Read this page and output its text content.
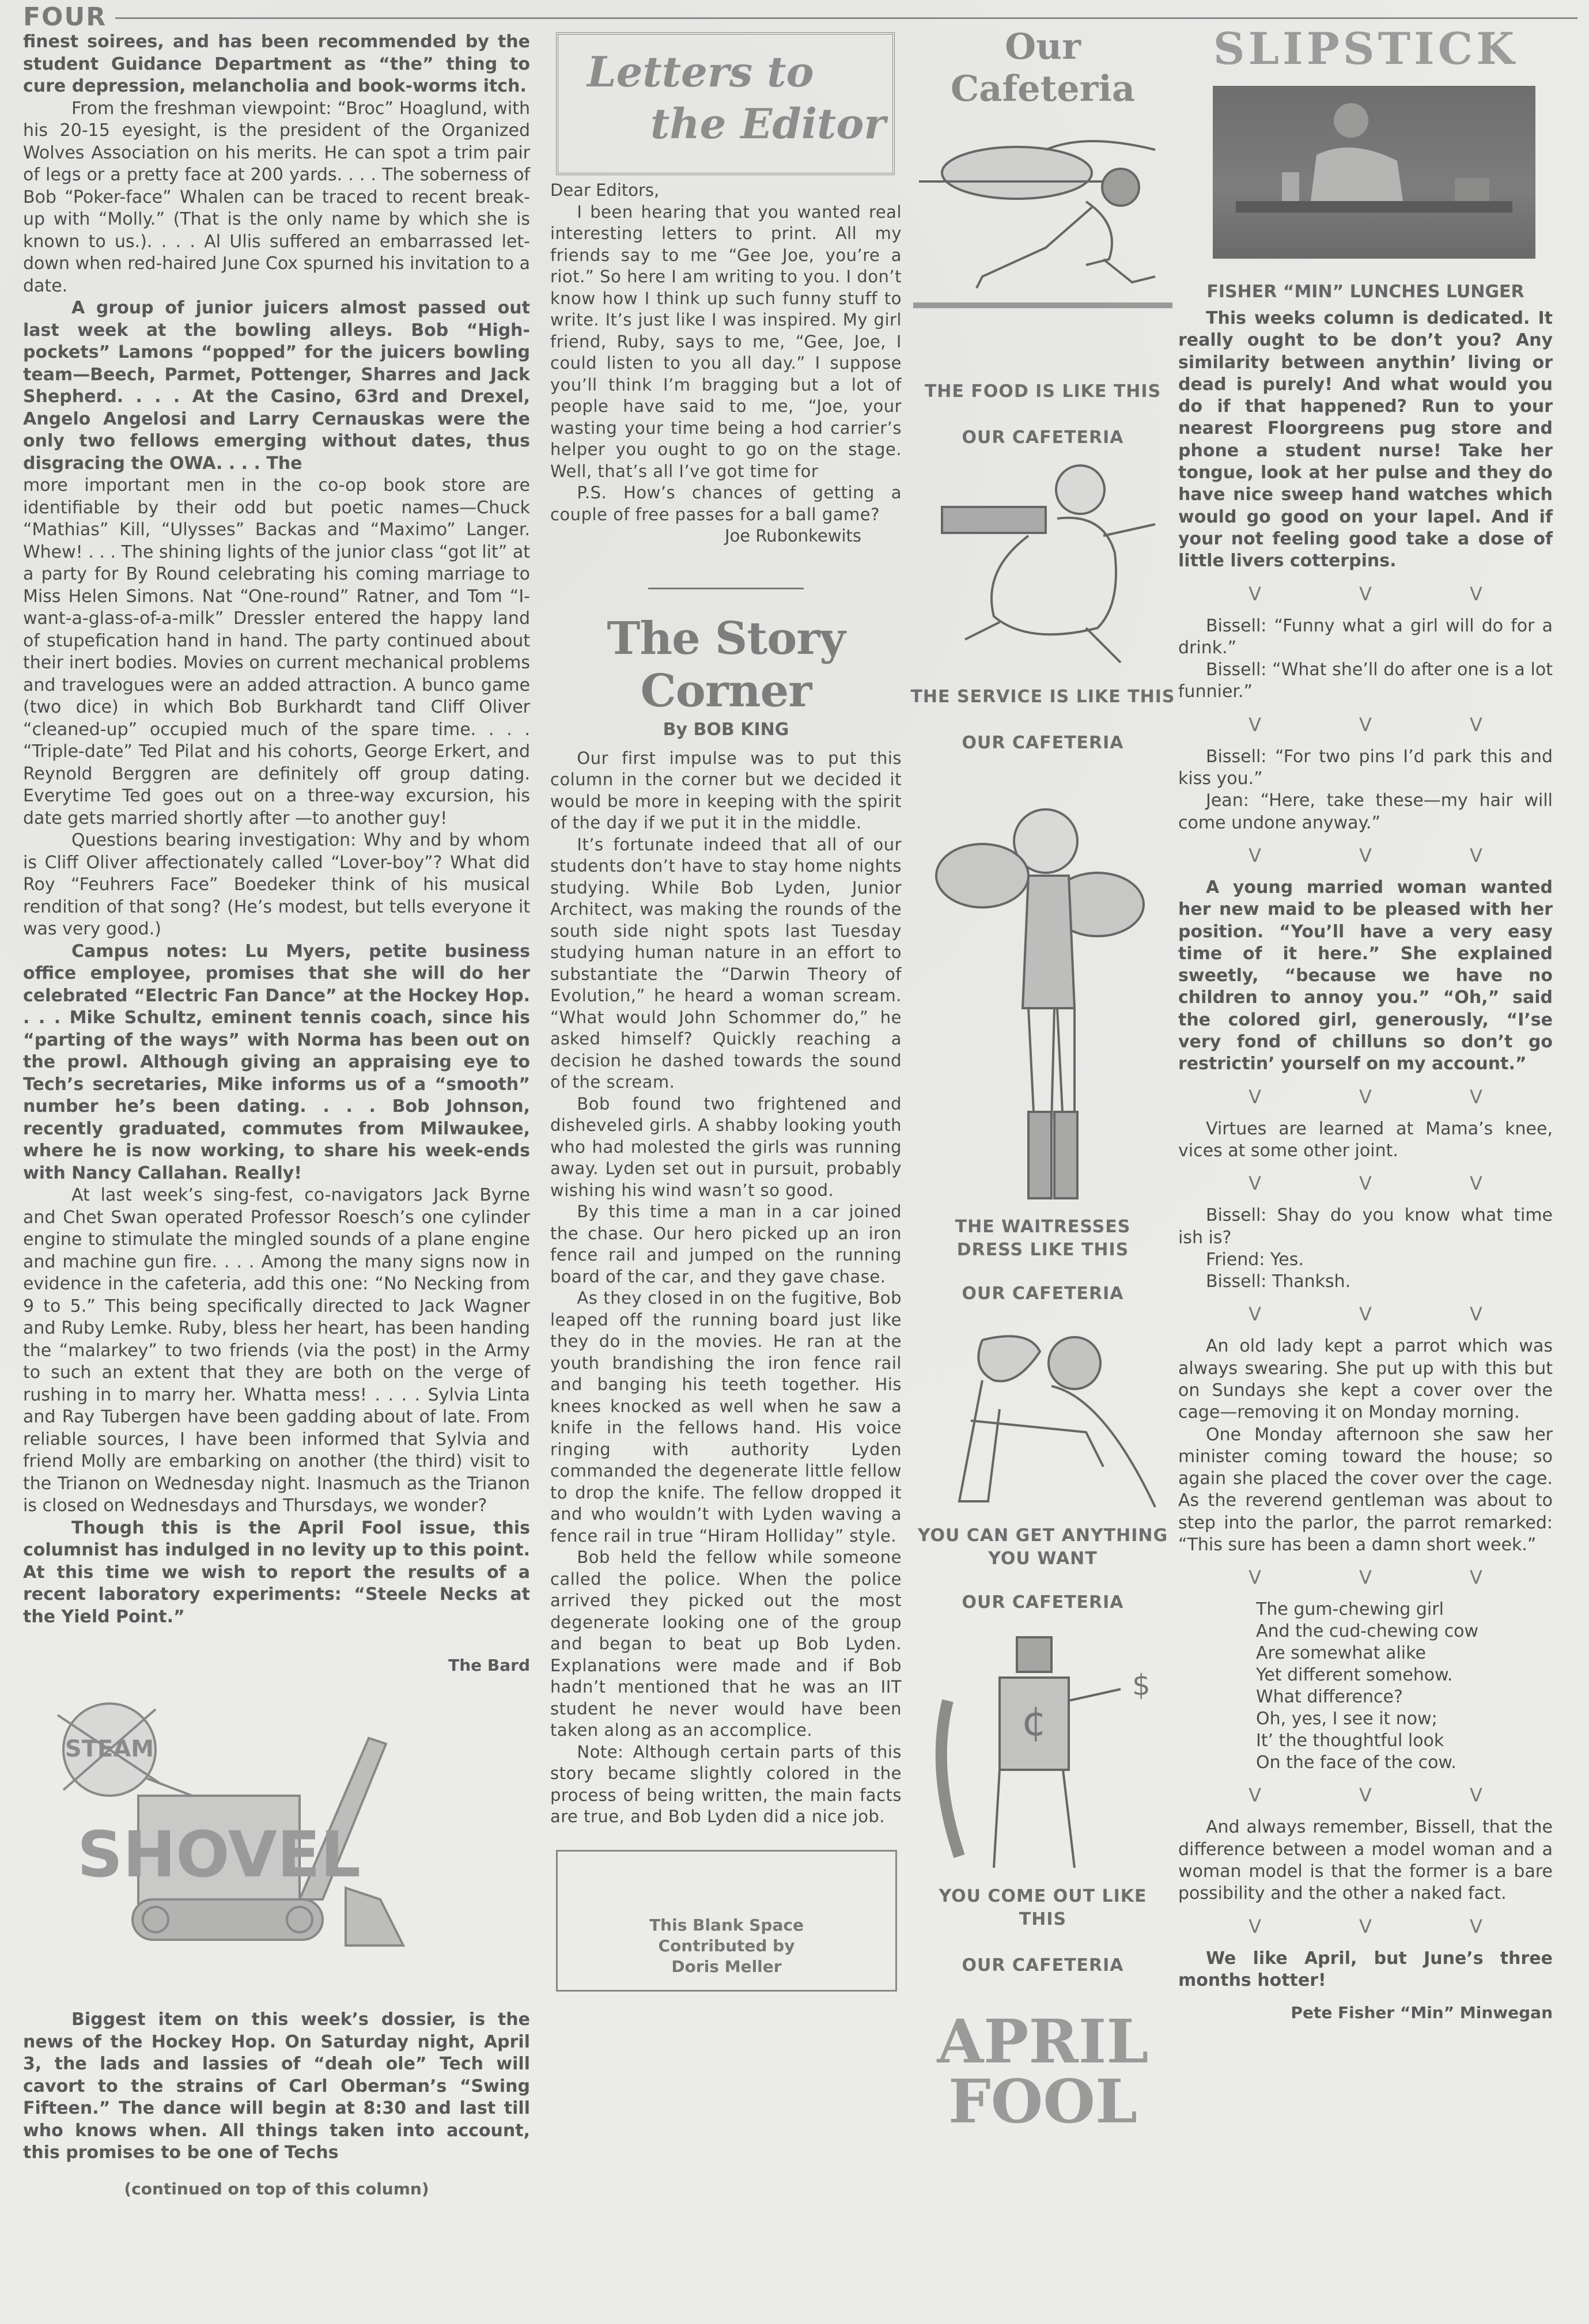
FOUR

finest soirees, and has been recommended by the student Guidance Department as “the” thing to cure depression, melancholia and book-worms itch.

From the freshman viewpoint: “Broc” Hoaglund, with his 20-15 eyesight, is the president of the Organized Wolves Association on his merits. He can spot a trim pair of legs or a pretty face at 200 yards. . . . The soberness of Bob “Poker-face” Whalen can be traced to recent break-up with “Molly.” (That is the only name by which she is known to us.). . . . Al Ulis suffered an embarrassed let-down when red-haired June Cox spurned his invitation to a date.

A group of junior juicers almost passed out last week at the bowling alleys. Bob “High-pockets” Lamons “popped” for the juicers bowling team—Beech, Parmet, Pottenger, Sharres and Jack Shepherd. . . . At the Casino, 63rd and Drexel, Angelo Angelosi and Larry Cernauskas were the only two fellows emerging without dates, thus disgracing the OWA. . . . The

more important men in the co-op book store are identifiable by their odd but poetic names—Chuck “Mathias” Kill, “Ulysses” Backas and “Maximo” Langer. Whew! . . . The shining lights of the junior class “got lit” at a party for By Round celebrating his coming marriage to Miss Helen Simons. Nat “One-round” Ratner, and Tom “I-want-a-glass-of-a-milk” Dressler entered the happy land of stupefication hand in hand. The party continued about their inert bodies. Movies on current mechanical problems and travelogues were an added attraction. A bunco game (two dice) in which Bob Burkhardt tand Cliff Oliver “cleaned-up” occupied much of the spare time. . . . “Triple-date” Ted Pilat and his cohorts, George Erkert, and Reynold Berggren are definitely off group dating. Everytime Ted goes out on a three-way excursion, his date gets married shortly after —to another guy!

Questions bearing investigation: Why and by whom is Cliff Oliver affectionately called “Lover-boy”? What did Roy “Feuhrers Face” Boedeker think of his musical rendition of that song? (He’s modest, but tells everyone it was very good.)

Campus notes: Lu Myers, petite business office employee, promises that she will do her celebrated “Electric Fan Dance” at the Hockey Hop. . . . Mike Schultz, eminent tennis coach, since his “parting of the ways” with Norma has been out on the prowl. Although giving an appraising eye to Tech’s secretaries, Mike informs us of a “smooth” number he’s been dating. . . . Bob Johnson, recently graduated, commutes from Milwaukee, where he is now working, to share his week-ends with Nancy Callahan. Really!

At last week’s sing-fest, co-navigators Jack Byrne and Chet Swan operated Professor Roesch’s one cylinder engine to stimulate the mingled sounds of a plane engine and machine gun fire. . . . Among the many signs now in evidence in the cafeteria, add this one: “No Necking from 9 to 5.” This being specifically directed to Jack Wagner and Ruby Lemke. Ruby, bless her heart, has been handing the “malarkey” to two friends (via the post) in the Army to such an extent that they are both on the verge of rushing in to marry her. Whatta mess! . . . . Sylvia Linta and Ray Tubergen have been gadding about of late. From reliable sources, I have been informed that Sylvia and friend Molly are embarking on another (the third) visit to the Trianon on Wednesday night. Inasmuch as the Trianon is closed on Wednesdays and Thursdays, we wonder?

Though this is the April Fool issue, this columnist has indulged in no levity up to this point. At this time we wish to report the results of a recent laboratory experiments: “Steele Necks at the Yield Point.”

The Bard
STEAM
SHOVEL

Biggest item on this week’s dossier, is the news of the Hockey Hop. On Saturday night, April 3, the lads and lassies of “deah ole” Tech will cavort to the strains of Carl Oberman’s “Swing Fifteen.” The dance will begin at 8:30 and last till who knows when. All things taken into account, this promises to be one of Techs

(continued on top of this column)
Letters to
the Editor

Dear Editors,

I been hearing that you wanted real interesting letters to print. All my friends say to me “Gee Joe, you’re a riot.” So here I am writing to you. I don’t know how I think up such funny stuff to write. It’s just like I was inspired. My girl friend, Ruby, says to me, “Gee, Joe, I could listen to you all day.” I suppose you’ll think I’m bragging but a lot of people have said to me, “Joe, your wasting your time being a hod carrier’s helper you ought to go on the stage. Well, that’s all I’ve got time for

P.S. How’s chances of getting a couple of free passes for a ball game?

Joe Rubonkewits

The Story Corner
By BOB KING

Our first impulse was to put this column in the corner but we decided it would be more in keeping with the spirit of the day if we put it in the middle.

It’s fortunate indeed that all of our students don’t have to stay home nights studying. While Bob Lyden, Junior Architect, was making the rounds of the south side night spots last Tuesday studying human nature in an effort to substantiate the “Darwin Theory of Evolution,” he heard a woman scream. “What would John Schommer do,” he asked himself? Quickly reaching a decision he dashed towards the sound of the scream.

Bob found two frightened and disheveled girls. A shabby looking youth who had molested the girls was running away. Lyden set out in pursuit, probably wishing his wind wasn’t so good.

By this time a man in a car joined the chase. Our hero picked up an iron fence rail and jumped on the running board of the car, and they gave chase.

As they closed in on the fugitive, Bob leaped off the running board just like they do in the movies. He ran at the youth brandishing the iron fence rail and banging his teeth together. His knees knocked as well when he saw a knife in the fellows hand. His voice ringing with authority Lyden commanded the degenerate little fellow to drop the knife. The fellow dropped it and who wouldn’t with Lyden waving a fence rail in true “Hiram Holliday” style.

Bob held the fellow while someone called the police. When the police arrived they picked out the most degenerate looking one of the group and began to beat up Bob Lyden. Explanations were made and if Bob hadn’t mentioned that he was an IIT student he never would have been taken along as an accomplice.

Note: Although certain parts of this story became slightly colored in the process of being written, the main facts are true, and Bob Lyden did a nice job.

This Blank Space
Contributed by
Doris Meller
Our Cafeteria
THE FOOD IS LIKE THIS
OUR CAFETERIA
THE SERVICE IS LIKE THIS
OUR CAFETERIA
THE WAITRESSES DRESS LIKE THIS
OUR CAFETERIA
YOU CAN GET ANYTHING YOU WANT
OUR CAFETERIA
¢
$
YOU COME OUT LIKE THIS
OUR CAFETERIA
APRIL
FOOL
SLIPSTICK
FISHER “MIN” LUNCHES LUNGER

This weeks column is dedicated. It really ought to be don’t you? Any similarity between anythin’ living or dead is purely! And what would you do if that happened? Run to your nearest Floorgreens pug store and phone a student nurse! Take her tongue, look at her pulse and they do have nice sweep hand watches which would go good on your lapel. And if your not feeling good take a dose of little livers cotterpins.

V	V	V

Bissell: “Funny what a girl will do for a drink.”

Bissell: “What she’ll do after one is a lot funnier.”

V	V	V

Bissell: “For two pins I’d park this and kiss you.”

Jean: “Here, take these—my hair will come undone anyway.”

V	V	V

A young married woman wanted her new maid to be pleased with her position. “You’ll have a very easy time of it here.” She explained sweetly, “because we have no children to annoy you.” “Oh,” said the colored girl, generously, “I’se very fond of chilluns so don’t go restrictin’ yourself on my account.”

V	V	V

Virtues are learned at Mama’s knee, vices at some other joint.

V	V	V

Bissell: Shay do you know what time ish is?

Friend: Yes.

Bissell: Thanksh.

V	V	V

An old lady kept a parrot which was always swearing. She put up with this but on Sundays she kept a cover over the cage—removing it on Monday morning.

One Monday afternoon she saw her minister coming toward the house; so again she placed the cover over the cage. As the reverend gentleman was about to step into the parlor, the parrot remarked: “This sure has been a damn short week.”

V	V	V
The gum-chewing girl
And the cud-chewing cow
Are somewhat alike
Yet different somehow.
What difference?
Oh, yes, I see it now;
It’ the thoughtful look
On the face of the cow.
V	V	V

And always remember, Bissell, that the difference between a model woman and a woman model is that the former is a bare possibility and the other a naked fact.

V	V	V

We like April, but June’s three months hotter!

Pete Fisher “Min” Minwegan
